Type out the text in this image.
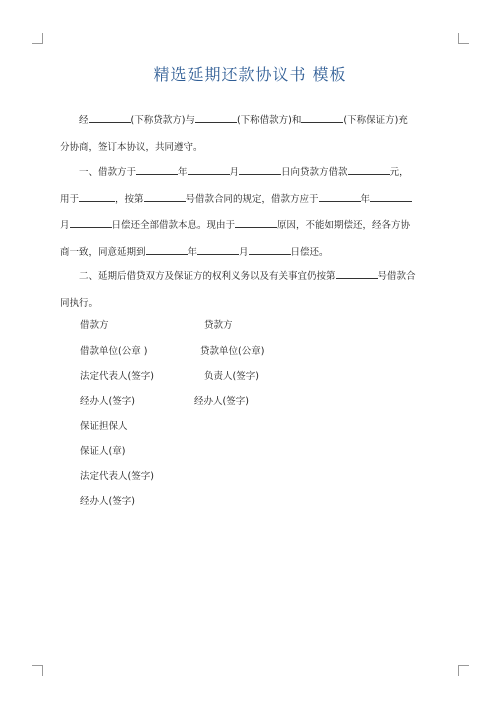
精选延期还款协议书 模板
经	(下称贷款方)与	(下称借款方)和	(下称保证方)充
分协商，签订本协议，共同遵守。
一、借款方于	年	月	日向贷款方借款	元，
用于	，按第	号借款合同的规定，借款方应于	年
月	日偿还全部借款本息。现由于	原因，不能如期偿还，经各方协
商一致，同意延期到	年	月	日偿还。
二、延期后借贷双方及保证方的权利义务以及有关事宜仍按第	号借款合
同执行。
借款方	贷款方
借款单位(公章 )	贷款单位(公章)
法定代表人(签字)	负责人(签字)
经办人(签字)	经办人(签字)
保证担保人
保证人(章)
法定代表人(签字)
经办人(签字)
